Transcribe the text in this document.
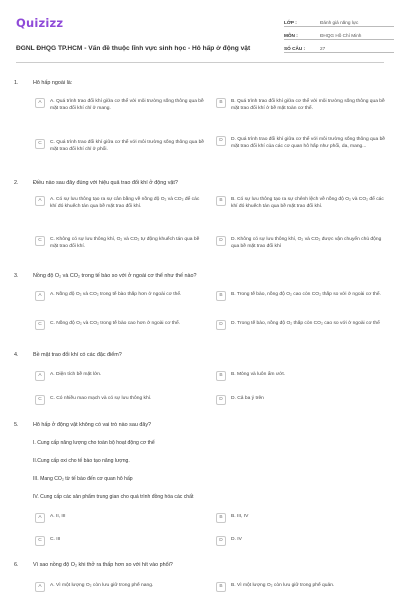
Quizizz
ĐGNL ĐHQG TP.HCM - Vấn đề thuộc lĩnh vực sinh học - Hô hấp ở động vật
LỚP :	Đánh giá năng lực
MÔN :	ĐHQG Hồ Chí Minh
SỐ CÂU :	27
1.	Hô hấp ngoài là:
A	A. Quá trình trao đổi khí giữa cơ thể với môi trường sống thông qua bề mặt trao đổi khí chỉ ở mang.
B	B. Quá trình trao đổi khí giữa cơ thể với môi trường sống thông qua bề mặt trao đổi khí ở bề mặt toàn cơ thể.
C	C. Quá trình trao đổi khí giữa cơ thể với môi trường sống thông qua bề mặt trao đổi khí chỉ ở phổi.
D	D. Quá trình trao đổi khí giữa cơ thể với môi trường sống thông qua bề mặt trao đổi khí của các cơ quan hô hấp như phổi, da, mang...
2.	Điều nào sau đây đúng với hiệu quả trao đổi khí ở động vật?
A	A. Có sự lưu thông tạo ra sự cân bằng về nồng độ O₂ và CO₂ để các khí đó khuếch tán qua bề mặt trao đổi khí.
B	B. Có sự lưu thông tạo ra sự chênh lệch về nồng độ O₂ và CO₂ để các khí đó khuếch tán qua bề mặt trao đổi khí.
C	C. Không có sự lưu thông khí, O₂ và CO₂ tự động khuếch tán qua bề mặt trao đổi khí.
D	D. Không có sự lưu thông khí, O₂ và CO₂ được vận chuyển chủ động qua bề mặt trao đổi khí
3.	Nồng độ O₂ và CO₂ trong tế bào so với ở ngoài cơ thể như thế nào?
A	A. Nồng độ O₂ và CO₂ trong tế bào thấp hơn ở ngoài cơ thể.	B	B. Trong tế bào, nồng độ O₂ cao còn CO₂ thấp so với ở ngoài cơ thể.
C	C. Nồng độ O₂ và CO₂ trong tế bào cao hơn ở ngoài cơ thể.	D	D. Trong tế bào, nồng độ O₂ thấp còn CO₂ cao so với ở ngoài cơ thể
4.	Bề mặt trao đổi khí có các đặc điểm?
A	A. Diện tích bề mặt lớn.	B	B. Mỏng và luôn ẩm ướt.
C	C. Có nhiều mao mạch và có sự lưu thông khí.	D	D. Cả ba ý trên
5.	Hô hấp ở động vật không có vai trò nào sau đây?
I. Cung cấp năng lượng cho toàn bộ hoạt động cơ thể
II.Cung cấp oxi cho tế bào tạo năng lượng.
III. Mang CO₂ từ tế bào đến cơ quan hô hấp
IV. Cung cấp các sản phẩm trung gian cho quá trình đồng hóa các chất
A	A. II, III	B	B. III, IV
C	C. III	D	D. IV
6.	Vì sao nồng độ O₂ khi thở ra thấp hơn so với hít vào phổi?
A	A. Vì một lượng O₂ còn lưu giữ trong phế nang.	B	B. Vì một lượng O₂ còn lưu giữ trong phế quản.
